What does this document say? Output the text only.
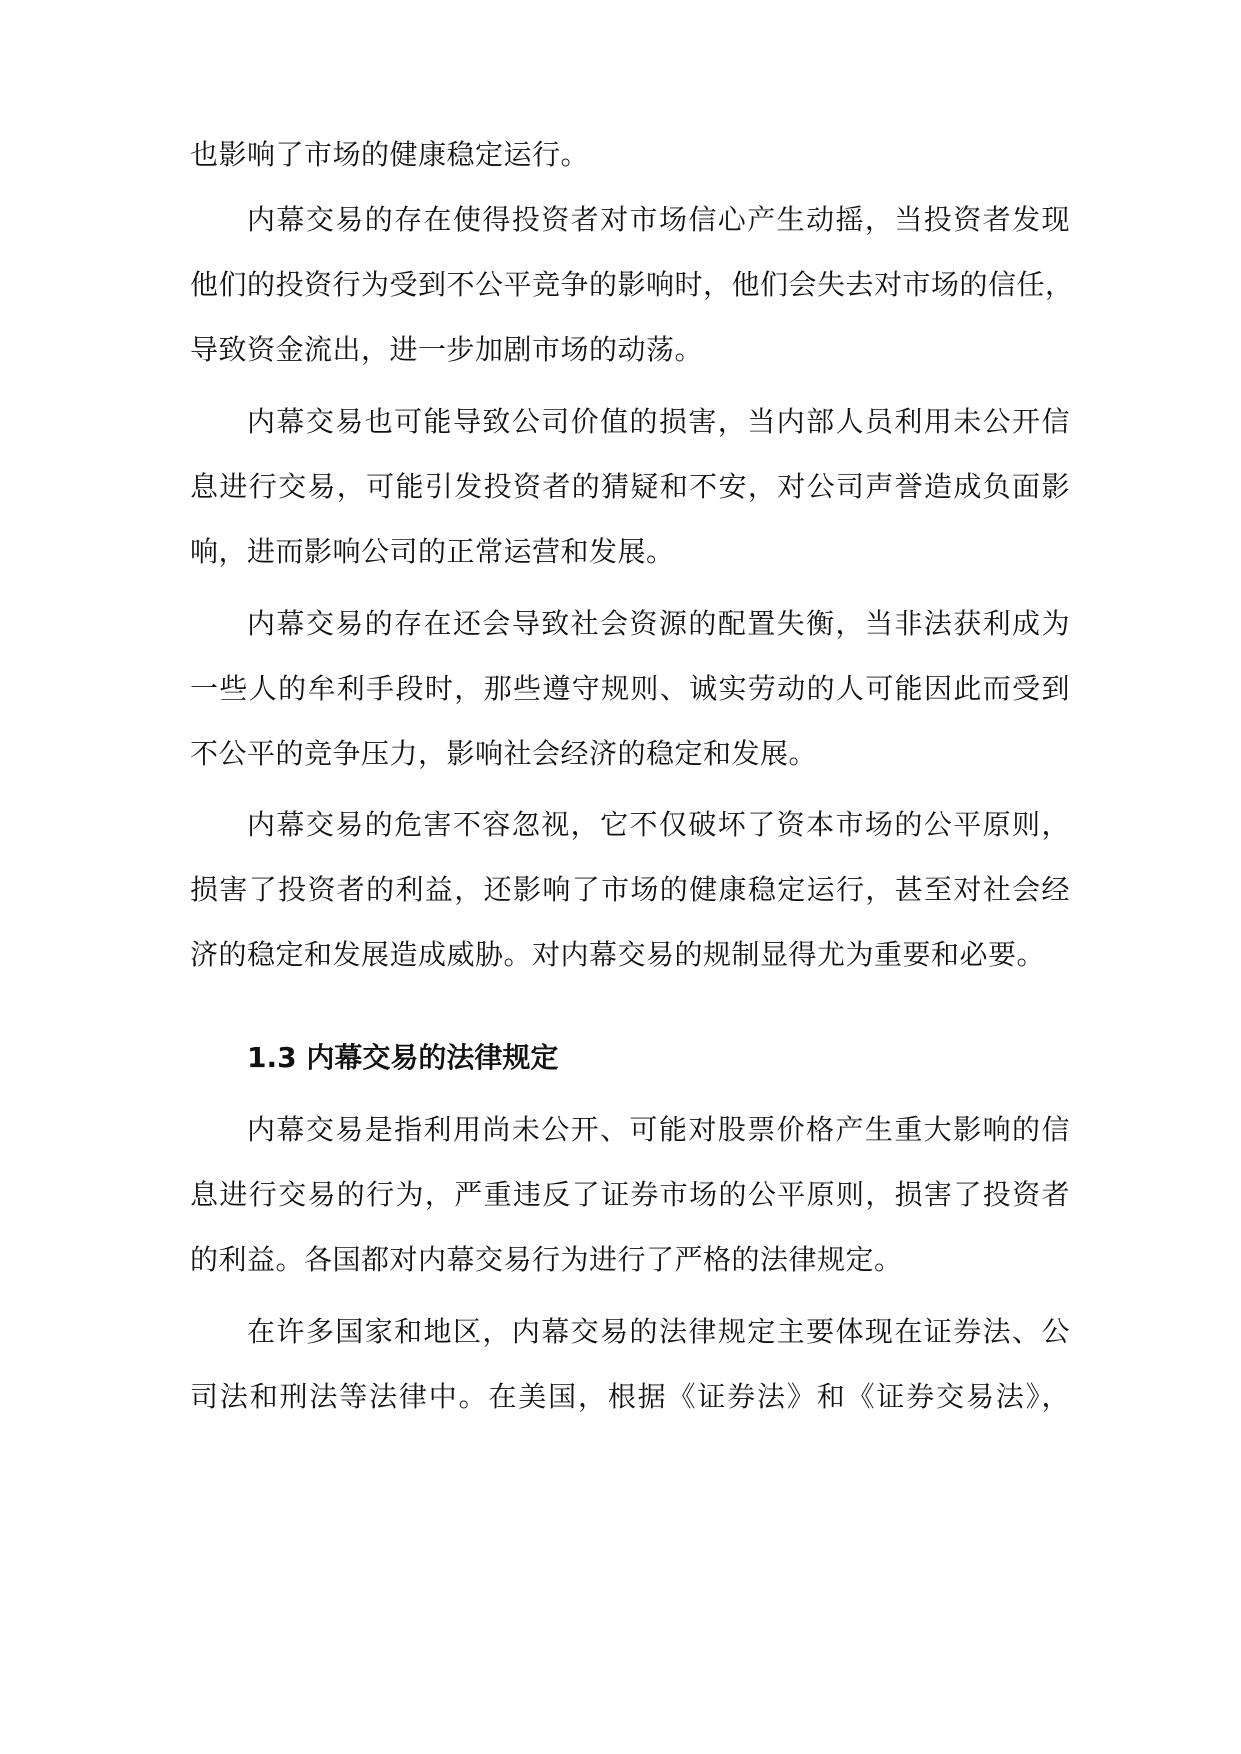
也影响了市场的健康稳定运行。
内幕交易的存在使得投资者对市场信心产生动摇，当投资者发现
他们的投资行为受到不公平竞争的影响时，他们会失去对市场的信任，
导致资金流出，进一步加剧市场的动荡。
内幕交易也可能导致公司价值的损害，当内部人员利用未公开信
息进行交易，可能引发投资者的猜疑和不安，对公司声誉造成负面影
响，进而影响公司的正常运营和发展。
内幕交易的存在还会导致社会资源的配置失衡，当非法获利成为
一些人的牟利手段时，那些遵守规则、诚实劳动的人可能因此而受到
不公平的竞争压力，影响社会经济的稳定和发展。
内幕交易的危害不容忽视，它不仅破坏了资本市场的公平原则，
损害了投资者的利益，还影响了市场的健康稳定运行，甚至对社会经
济的稳定和发展造成威胁。对内幕交易的规制显得尤为重要和必要。
1.3 内幕交易的法律规定
内幕交易是指利用尚未公开、可能对股票价格产生重大影响的信
息进行交易的行为，严重违反了证券市场的公平原则，损害了投资者
的利益。各国都对内幕交易行为进行了严格的法律规定。
在许多国家和地区，内幕交易的法律规定主要体现在证券法、公
司法和刑法等法律中。在美国，根据《证券法》和《证券交易法》，
